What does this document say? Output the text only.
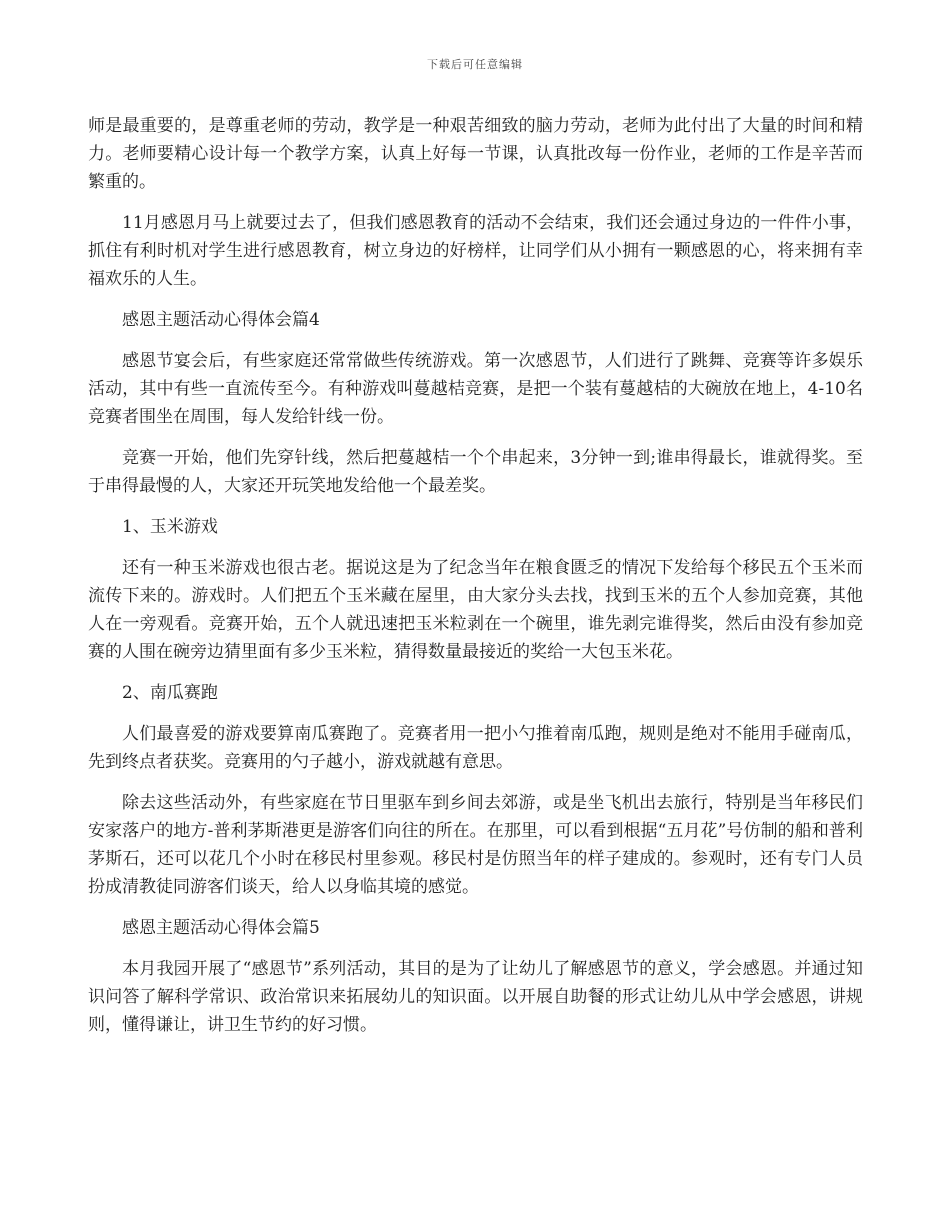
下载后可任意编辑

师是最重要的，是尊重老师的劳动，教学是一种艰苦细致的脑力劳动，老师为此付出了大量的时间和精力。老师要精心设计每一个教学方案，认真上好每一节课，认真批改每一份作业，老师的工作是辛苦而繁重的。

11月感恩月马上就要过去了，但我们感恩教育的活动不会结束，我们还会通过身边的一件件小事，抓住有利时机对学生进行感恩教育，树立身边的好榜样，让同学们从小拥有一颗感恩的心，将来拥有幸福欢乐的人生。

感恩主题活动心得体会篇4

感恩节宴会后，有些家庭还常常做些传统游戏。第一次感恩节，人们进行了跳舞、竞赛等许多娱乐活动，其中有些一直流传至今。有种游戏叫蔓越桔竞赛，是把一个装有蔓越桔的大碗放在地上，4-10名竞赛者围坐在周围，每人发给针线一份。

竞赛一开始，他们先穿针线，然后把蔓越桔一个个串起来，3分钟一到;谁串得最长，谁就得奖。至于串得最慢的人，大家还开玩笑地发给他一个最差奖。

1、玉米游戏

还有一种玉米游戏也很古老。据说这是为了纪念当年在粮食匮乏的情况下发给每个移民五个玉米而流传下来的。游戏时。人们把五个玉米藏在屋里，由大家分头去找，找到玉米的五个人参加竞赛，其他人在一旁观看。竞赛开始，五个人就迅速把玉米粒剥在一个碗里，谁先剥完谁得奖，然后由没有参加竞赛的人围在碗旁边猜里面有多少玉米粒，猜得数量最接近的奖给一大包玉米花。

2、南瓜赛跑

人们最喜爱的游戏要算南瓜赛跑了。竞赛者用一把小勺推着南瓜跑，规则是绝对不能用手碰南瓜，先到终点者获奖。竞赛用的勺子越小，游戏就越有意思。

除去这些活动外，有些家庭在节日里驱车到乡间去郊游，或是坐飞机出去旅行，特别是当年移民们安家落户的地方-普利茅斯港更是游客们向往的所在。在那里，可以看到根据“五月花”号仿制的船和普利茅斯石，还可以花几个小时在移民村里参观。移民村是仿照当年的样子建成的。参观时，还有专门人员扮成清教徒同游客们谈天，给人以身临其境的感觉。

感恩主题活动心得体会篇5

本月我园开展了“感恩节”系列活动，其目的是为了让幼儿了解感恩节的意义，学会感恩。并通过知识问答了解科学常识、政治常识来拓展幼儿的知识面。以开展自助餐的形式让幼儿从中学会感恩，讲规则，懂得谦让，讲卫生节约的好习惯。
